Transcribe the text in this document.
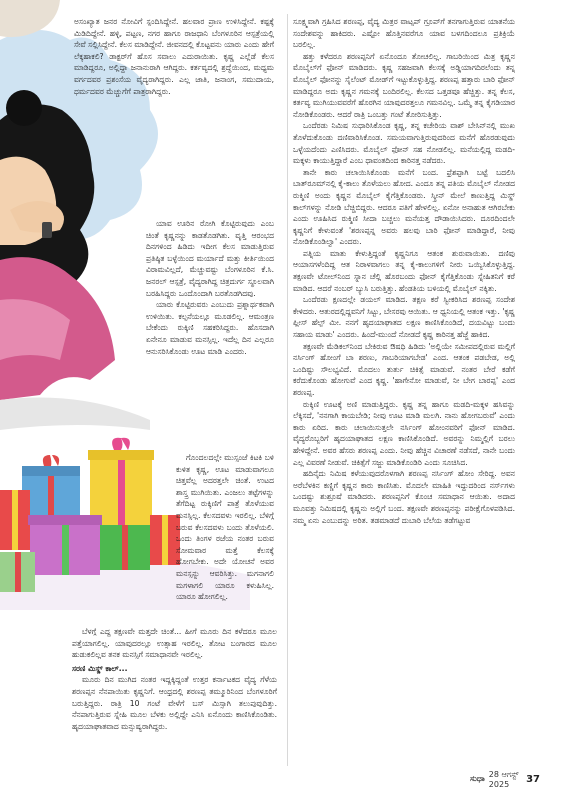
ಅಸಂಖ್ಯಾತ ಜನರ ನೋವಿಗೆ ಸ್ಪಂದಿಸಿದ್ದೇನೆ. ಹಲವಾರ ಪ್ರಾಣ ಉಳಿಸಿದ್ದೇನೆ. ಕಷ್ಟಕ್ಕೆ ಮಿಡಿದಿದ್ದೇನೆ. ಹಳ್ಳಿ, ಪಟ್ಟಣ, ನಗರ ಹಾಗೂ ರಾಜಧಾನಿ ಬೆಂಗಳೂರಿನ ಆಸ್ಪತ್ರೆಯಲ್ಲಿ ಸೇವೆ ಸಲ್ಲಿಸಿದ್ದೇನೆ. ಕೆಲಸ ಮಾಡಿದ್ದೇನೆ. ಜೀವನದಲ್ಲಿ ಕೊಟ್ಟವನು ಯಾರು ಎಂದು ಹೇಗೆ ಲೆಕ್ಕಹಾಕಲಿ? ಡಾಕ್ಟರ್‌ಗೆ ಹೊಸ ಸವಾಲು ಎದುರಾಯಿತು. ಕೃಷ್ಣ ಎಲ್ಲೆಡೆ ಕೆಲಸ ಮಾಡಿದ್ದರೂ, ಅಲ್ಲಿದ್ದಾ ಜನಾನುರಾಗಿ ಆಗಿದ್ದರು. ಕರ್ತವ್ಯದಲ್ಲಿ ಶ್ರದ್ಧೆಯಿಂದ, ಮಧ್ಯಮ ವರ್ಗದವರ ಪ್ರಶಂಸೆಯ ವೈದ್ಯರಾಗಿದ್ದರು. ಎಲ್ಲ ಜಾತಿ, ಜನಾಂಗ, ಸಮುದಾಯ, ಧರ್ಮದವರ ಮೆಚ್ಚುಗೆಗೆ ಪಾತ್ರರಾಗಿದ್ದರು.

ಯಾವ ಊರಿನ ರೋಗಿ ಕೊಟ್ಟಿರುವುದು ಎಂಬ ಚಿಂತೆ ಕೃಷ್ಣನನ್ನು ಕಾಡತೊಡಗಿತು. ವೃತ್ತಿ ಆರಂಭದ ದಿನಗಳಿಂದ ಹಿಡಿದು ಇದೀಗ ಕೆಲಸ ಮಾಡುತ್ತಿರುವ ಪ್ರತಿಷ್ಠಿತ ಬಳ್ಳೆಯಿಂದ ಮರ್ಯಾದೆ ಮತ್ತು ಕೀರ್ತಿಯಿಂದ ವಿರಾಮವಿಲ್ಲದೆ, ಮೆಚ್ಚುವಷ್ಟು ಬೆಂಗಳೂರಿನ ಕೆ.ಸಿ. ಜನರಲ್ ಆಸ್ಪತ್ರೆ, ವೈದ್ಯರಾಗಿದ್ದ ಚಿತ್ರದುರ್ಗ ಸ್ಥೂಲವಾಗಿ ಬರಹಿಸಿದ್ದರು ಒಂದೊಂದಾಗಿ ಬರತೊಡಗಿದವು.

ಯಾರು ಕೊಟ್ಟಿರುವರು ಎಂಬುದು ಪ್ರಶ್ನಾರ್ಥಕವಾಗಿ ಉಳಿಯಿತು. ಕಲ್ಪನೆಯಲ್ಲೂ ಮೂಡಲಿಲ್ಲ. ಆಮಂತ್ರಣ ಬೇಕೆಂದು ರುಕ್ಕಿಣಿ ಸಹಕರಿಸಿದ್ದರು. ಹೊಸದಾಗಿ ಏನೇನೂ ಮಾಡುವ ಮನಸ್ಸಿಲ್ಲ. ಇದೆಲ್ಲ ದಿನ ಎಲ್ಲರೂ ಆನುಸರಿಸಿಕೊಂಡು ಊಟ ಮಾಡಿ ಎಂದರು.

ಗೊಂದಲದಲ್ಲೇ ಮುಸ್ಸಂಜೆ ಕಿಟಕಿ ಬಳಿ ಕುಳಿತ ಕೃಷ್ಣ, ಊಟ ಮಾಡುವಾಗಲೂ ಚಿತ್ತವೆಲ್ಲ ಅದರತ್ತಲೇ ಚಿಂತೆ. ಉಟದ ಶಾಸ್ತ್ರ ಮುಗಿಯಿತು. ಎಂಜಲು ತಟ್ಟೆಗಳನ್ನು ತೆಗೆದಿಟ್ಟ ರುಕ್ಕಿಣಿಗೆ ಪಾತ್ರೆ ತೊಳೆಯುವ ಮನಸ್ಸಿಲ್ಲ. ಕೆಲಸದವಳು ಇರಲಿಲ್ಲ. ಬೆಳಿಗ್ಗೆ ಬರುವ ಕೆಲಸದವಳು ಬಂದು ತೊಳೆಯಲಿ. ಒಂದು ತಿಂಗಳ ರಜೆಯ ನಂತರ ಬರುವ ಸೋಮವಾರ ಮತ್ತೆ ಕೆಲಸಕ್ಕೆ ಹೋಗಬೇಕು. ಅದೇ ಯೋಚನೆ ಅವರ ಮನಸ್ಸನ್ನು ಆವರಿಸಿತ್ತು. ಮಗನಾಗಲಿ ಮಗಳಾಗಲಿ ಯಾರೂ ಕಳುಹಿಸಿಲ್ಲ. ಯಾರೂ ಹೋಗಲಿಲ್ಲ.

ಬೆಳಗ್ಗೆ ಎದ್ದ ತಕ್ಷಣವೇ ಮತ್ತದೇ ಚಿಂತೆ... ಹೀಗೆ ಮೂರು ದಿನ ಕಳೆದರೂ ಮೂಲ ಪತ್ತೆಯಾಗಲಿಲ್ಲ. ಯಾವುದರಲ್ಲೂ ಉತ್ಸಾಹ ಇರಲಿಲ್ಲ. ತೋಟ ಬಂಗಾರದ ಮೂಲ ಹುಡುಕಲಿಲ್ಲವ ತನಕ ಮನಸ್ಸಿಗೆ ಸಮಾಧಾನವೇ ಇರಲಿಲ್ಲ.

ಸರಣಿ ಮಿಸ್ಡ್ ಕಾಲ್...

ಮೂರು ದಿನ ಮುಗಿದ ನಂತರ ಇದ್ದಕ್ಕಿದ್ದಂತೆ ಉತ್ತರ ಕರ್ನಾಟಕದ ವೈದ್ಯ ಗೆಳೆಯ ಶರಣಪ್ಪನ ನೆನಪಾಯಿತು ಕೃಷ್ಣನಿಗೆ. ಆಂಧ್ರದಲ್ಲಿ ಶರಣಪ್ಪ ತಮ್ಮೂರಿನಿಂದ ಬೆಂಗಳೂರಿಗೆ ಬರುತ್ತಿದ್ದರು. ರಾತ್ರಿ 10 ಗಂಟೆ ವೇಳೆಗೆ ಬಸ್ ಮಿಸ್ಸಾಗಿ ತಲುಪುವುದಿತ್ತು. ನೆನಪಾಗುತ್ತಿರುವ ಸ್ನೇಹಿ ಮೂಲ ಬೆಳಕು ಅಲ್ಲಿದ್ದೇ ಎನಿಸಿ ಏನೊಂದು ಕಾಣಿಸಿಕೊಂಡಿತು. ಹೃದಯಾಘಾತವಾದ ಮನ್ಸುಷ್ಯರಾಗಿದ್ದರು.

ಸೂಕ್ಷ್ಮವಾಗಿ ಗ್ರಹಿಸಿದ ಶರಣಪ್ಪ, ವೈದ್ಯ ಮಿತ್ರರ ವಾಟ್ಸಪ್ ಗ್ರೂಪ್‌ಗೆ ತನಗಾಗುತ್ತಿರುವ ಯಾತನೆಯ ಸಂದೇಶವನ್ನು ಹಾಕಿದರು. ಎಷ್ಟೋ ಹೊತ್ತಿನವರೆಗೂ ಯಾವ ಬಳಗದಿಂದಲೂ ಪ್ರತಿಕ್ರಿಯೆ ಬರಲಿಲ್ಲ.

ಹತ್ತು ಕಳೆದರೂ ಶರಣಪ್ಪನಿಗೆ ಏನೊಂದೂ ತೋಚಲಿಲ್ಲ. ಗಾಬರಿಯಿಂದ ಮಿತ್ರ ಕೃಷ್ಣನ ಮೊಬೈಲ್‌ಗೆ ಫೋನ್ ಮಾಡಿದರು. ಕೃಷ್ಣ ಸಹಜವಾಗಿ ಕೆಲಸಕ್ಕೆ ಅಡ್ಡಿಯಾಗದಿರಲೆಂದು ತನ್ನ ಮೊಬೈಲ್ ಫೋನನ್ನು ಸೈಲೆಂಟ್ ಮೋಡ್‌ಗೆ ಇಟ್ಟುಕೊಳ್ಳುತ್ತಿದ್ದ. ಶರಣಪ್ಪ ಹತ್ತಾರು ಬಾರಿ ಫೋನ್ ಮಾಡಿದ್ದರೂ ಅದು ಕೃಷ್ಣನ ಗಮನಕ್ಕೆ ಬಂದಿರಲಿಲ್ಲ. ಕೆಲಸದ ಒತ್ತಡವೂ ಹೆಚ್ಚಿತ್ತು. ತನ್ನ ಕೆಲಸ, ಕರ್ತವ್ಯ ಮುಗಿಯುವವರೆಗೆ ಹೊರಗಿನ ಯಾವುದರತ್ತಲೂ ಗಮನವಿಲ್ಲ. ಒಮ್ಮೆ ತನ್ನ ಕೈಗಡಿಯಾರ ನೋಡಿಕೊಂಡರು. ಆದರೆ ರಾತ್ರಿ ಒಂಬತ್ತು ಗಂಟೆ ತೋರಿಸುತ್ತಿತ್ತು.

ಒಂದೆರಡು ನಿಮಿಷ ಸುಧಾರಿಸಿಕೊಂಡ ಕೃಷ್ಣ, ತನ್ನ ಕಚೇರಿಯ ವಾಶ್ ಬೇಸಿನ್‌ನಲ್ಲಿ ಮುಖ ತೊಳೆದುಕೊಂಡು ದಣಿವಾರಿಸಿಕೊಂಡ. ಸಮಯವಾಗುತ್ತಿರುವುದರಿಂದ ಮನೆಗೆ ಹೊರಡುವುದು ಒಳ್ಳೆಯದೆಂದು ಎಣಿಸಿದರು. ಮೊಬೈಲ್ ಫೋನ್ ಸಹ ನೋಡಲಿಲ್ಲ. ಮನೆಯಲ್ಲಿದ್ದ ಮಡದಿ-ಮಕ್ಕಳು ಕಾಯುತ್ತಿದ್ದಾರೆ ಎಂಬ ಧಾವಂತದಿಂದ ಕಾರಿನತ್ತ ನಡೆದರು.

ತಾನೇ ಕಾರು ಚಲಾಯಿಸಿಕೊಂಡು ಮನೆಗೆ ಬಂದ. ಫ್ರೆಶಪ್ಪಾಗಿ ಬಟ್ಟೆ ಬದಲಿಸಿ ಬಾತ್‌ರೂಮ್‌ನಲ್ಲಿ ಕೈ-ಕಾಲು ತೊಳೆಯಲು ಹೋದ. ಎಂದೂ ತನ್ನ ಪತಿಯ ಮೊಬೈಲ್ ನೋಡದ ರುಕ್ಮಿಣಿ ಅಂದು ಕೃಷ್ಣನ ಮೊಬೈಲ್ ಕೈಗೆತ್ತಿಕೊಂಡರು. ಸ್ಕ್ರೀನ್ ಮೇಲೆ ಕಾಣುತ್ತಿದ್ದ ಮಿಸ್ಡ್ ಕಾಲ್‌ಗಳನ್ನು ನೋಡಿ ಬೆಚ್ಚಿಬಿದ್ದರು. ಆದರೂ ಪತಿಗೆ ಹೇಳಲಿಲ್ಲ. ಏನೋ ಅನಾಹುತ ಆಗಿರಬೇಕು ಎಂದು ಊಹಿಸಿದ ರುಕ್ಮಿಣಿ ಸೀದಾ ಬಚ್ಚಲು ಮನೆಯತ್ತ ದೌಡಾಯಿಸಿದರು. ದೂರದಿಂದಲೇ ಕೃಷ್ಣನಿಗೆ ಕೇಳುವಂತೆ 'ಶರಣಪ್ಪನ್ನ ಅವರು ಹಲವು ಬಾರಿ ಫೋನ್ ಮಾಡಿದ್ದಾರೆ, ನೀವು ನೋಡಿಕೊಂಡಿಲ್ವಾ' ಎಂದರು.

ಪತ್ನಿಯ ಮಾತು ಕೇಳುತ್ತಿದ್ದಂತೆ ಕೃಷ್ಣನಿಗೂ ಆತಂಕ ಶುರುವಾಯಿತು. ದಣಿವು ಆಯಾಸಗಳೆಂದಿದ್ದ ಆತ ನಿರಾಳವಾಗಲು ತನ್ನ ಕೈ-ಕಾಲುಗಳಿಗೆ ನೀರು ಒಯ್ಯಿಸಿಕೊಳ್ಳುತ್ತಿದ್ದ. ತಕ್ಷಣವೇ ಟೋಲ್‌ನಿಂದ ಸ್ನಾನ ಚೆಲ್ಲಿ ಹೊರಬಂದು ಫೋನ್ ಕೈಗೆತ್ತಿಕೊಂಡು ಸ್ನೇಹಿತನಿಗೆ ಕರೆ ಮಾಡಿದ. ಆದರೆ ನಂಬರ್‌ ಬ್ಯುಸಿ ಬರುತ್ತಿತ್ತು. ಹೆಂಡತಿಯ ಬಳಿಯಲ್ಲಿ ಮೊಬೈಲ್ ನಕ್ಕಿತು.

ಒಂದೆರಡು ಕ್ಷಣದಲ್ಲೇ ಡಯಲ್ ಮಾಡಿದ. ತಕ್ಷಣ ಕರೆ ಸ್ವೀಕರಿಸಿದ ಶರಣಪ್ಪ ಸಂದೇಶ ಕೇಳಿದರು. ಆತುರದಲ್ಲಿದ್ದವನಿಗೆ ಸಿಟ್ಟು, ಬೇಸರವು ಆಯಿತು. ಆ ಧ್ವನಿಯಲ್ಲಿ ಆತಂಕ ಇತ್ತು. 'ಕೃಷ್ಣ ಪ್ಲೀಸ್ ಹೆಲ್ಪ್ ಮೀ. ನನಗೆ ಹೃದಯಾಘಾತದ ಲಕ್ಷಣ ಕಾಣಿಸಿಕೊಂಡಿದೆ, ದಯವಿಟ್ಟು ಬಂದು ಸಹಾಯ ಮಾಡು' ಎಂದರು. ಹಿಂದೆ-ಮುಂದೆ ನೋಡದೆ ಕೃಷ್ಣ ಕಾರಿನತ್ತ ಹೆಜ್ಜೆ ಹಾಕಿದ.

ತಕ್ಷಣವೇ ಮೆಡಿಕಲ್‌ನಿಂದ ಬೇಕಿರುವ ಔಷಧಿ ಹಿಡಿದು 'ಅಲ್ಲಿಯೇ ಸಮೀಪದಲ್ಲಿರುವ ಮಲ್ಲಿಗೆ ನರ್ಸಿಂಗ್ ಹೋಂಗೆ ಬಾ ಶರಣು, ಗಾಬರಿಯಾಗಬೇಡ' ಎಂದ. ಆತಂಕ ಪಡಬೇಡ, ಅಲ್ಲಿ ಒಂದಿಷ್ಟು ಸೌಲಭ್ಯವಿದೆ. ಮೊದಲು ತುರ್ತು ಚಿಕಿತ್ಸೆ ಮಾಡುವೆ. ನಂತರ ಬೇರೆ ಕಡೆಗೆ ಕರೆದುಕೊಂಡು ಹೋಗುವೆ ಎಂದ ಕೃಷ್ಣ. 'ಹಾಗೇನೋ ಮಾಡುವೆ, ನೀ ಬೇಗ ಬಾರಪ್ಪ' ಎಂದ ಶರಣಪ್ಪ.

ರುಕ್ಕಿಣಿ ಊಟಕ್ಕೆ ಅಣಿ ಮಾಡುತ್ತಿದ್ದರು. ಕೃಷ್ಣ ತನ್ನ ಹಾಗೂ ಮಡದಿ-ಮಕ್ಕಳ ಹಸಿವನ್ನು ಲೆಕ್ಕಿಸದೆ, 'ನನಗಾಗಿ ಕಾಯಬೇಡಿ; ನೀವು ಊಟ ಮಾಡಿ ಮಲಗಿ. ನಾನು ಹೋಗಬರುವೆ' ಎಂದು ಕಾರು ಏರಿದ. ಕಾರು ಚಲಾಯಿಸುತ್ತಲೇ ನರ್ಸಿಂಗ್ ಹೋಂನವರಿಗೆ ಫೋನ್ ಮಾಡಿದ. ವೈದ್ಯರೊಬ್ಬರಿಗೆ ಹೃದಯಾಘಾತದ ಲಕ್ಷಣ ಕಾಣಿಸಿಕೊಂಡಿದೆ. ಅವರನ್ನು ನಿಮ್ಮಲ್ಲಿಗೆ ಬರಲು ಹೇಳಿದ್ದೇನೆ. ಅವರ ಹೆಸರು ಶರಣಪ್ಪ ಎಂದು. ನೀವು ಹೆಚ್ಚಿನ ವಿಚಾರಣೆ ನಡೆಸದೆ, ನಾನೇ ಬಂದು ಎಲ್ಲ ವಿವರಣೆ ನೀಡುವೆ. ಚಿಕಿತ್ಸೆಗೆ ಸಜ್ಜು ಮಾಡಿಕೊಂಡಿರಿ ಎಂದು ಸೂಚಿಸಿದ.

ಹದಿನೈದು ನಿಮಿಷ ಕಳೆಯುವುದರೊಳಗಾಗಿ ಶರಣಪ್ಪ ನರ್ಸಿಂಗ್ ಹೋಂ ಸೇರಿದ್ದ. ಅವನ ಅರೆಬೆಳಕಿನ ಕಣ್ಣಿಗೆ ಕೃಷ್ಣನ ಕಾರು ಕಾಣಿಸಿತು. ಮೊದಲೇ ಮಾಹಿತಿ ಇದ್ದುದರಿಂದ ನರ್ಸ್‌ಗಳು ಒಂದಷ್ಟು ಶುಶ್ರೂಷೆ ಮಾಡಿದರು. ಶರಣಪ್ಪನಿಗೆ ಕೊಂಚ ಸಮಾಧಾನ ಆಯಿತು. ಅದಾದ ಮೂವತ್ತು ನಿಮಿಷದಲ್ಲಿ ಕೃಷ್ಣನು ಅಲ್ಲಿಗೆ ಬಂದ. ತಕ್ಷಣವೇ ಶರಣಪ್ಪನನ್ನು ಪರೀಕ್ಷೆಗೊಳಪಡಿಸಿದ. ನಮ್ಮ ಏನು ಎಂಬುದನ್ನು ಅರಿತ. ತಡಮಾಡದೆ ದುಬಾರಿ ಬೆಲೆಯ ತಡೆಗಟ್ಟುವ

ಸುಧಾ 28 ಆಗಸ್ಟ್ 2025	37
